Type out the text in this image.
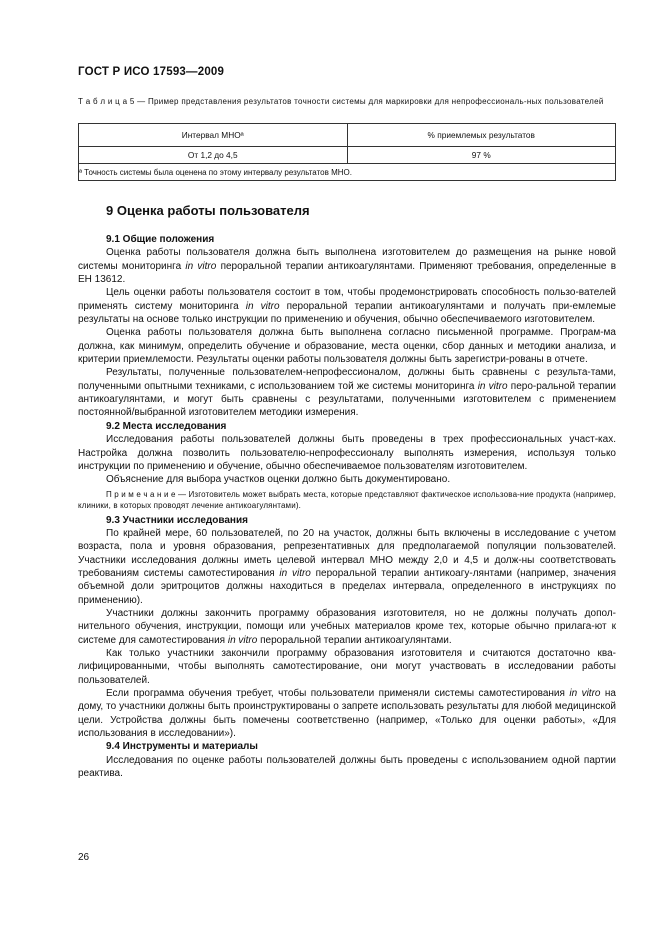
ГОСТ Р ИСО 17593—2009
Т а б л и ц а 5 — Пример представления результатов точности системы для маркировки для непрофессиональ-ных пользователей
Интервал МНОª	% приемлемых результатов
От 1,2 до 4,5	97 %
ª Точность системы была оценена по этому интервалу результатов МНО.	
9 Оценка работы пользователя

9.1 Общие положения

Оценка работы пользователя должна быть выполнена изготовителем до размещения на рынке новой системы мониторинга in vitro пероральной терапии антикоагулянтами. Применяют требования, определенные в ЕН 13612.

Цель оценки работы пользователя состоит в том, чтобы продемонстрировать способность пользо-вателей применять систему мониторинга in vitro пероральной терапии антикоагулянтами и получать при-емлемые результаты на основе только инструкции по применению и обучения, обычно обеспечиваемого изготовителем.

Оценка работы пользователя должна быть выполнена согласно письменной программе. Програм-ма должна, как минимум, определить обучение и образование, места оценки, сбор данных и методики анализа, и критерии приемлемости. Результаты оценки работы пользователя должны быть зарегистри-рованы в отчете.

Результаты, полученные пользователем-непрофессионалом, должны быть сравнены с результа-тами, полученными опытными техниками, с использованием той же системы мониторинга in vitro перо-ральной терапии антикоагулянтами, и могут быть сравнены с результатами, полученными изготовителем с применением постоянной/выбранной изготовителем методики измерения.

9.2 Места исследования

Исследования работы пользователей должны быть проведены в трех профессиональных участ-ках. Настройка должна позволить пользователю-непрофессионалу выполнять измерения, используя только инструкции по применению и обучение, обычно обеспечиваемое пользователям изготовителем.

Объяснение для выбора участков оценки должно быть документировано.

П р и м е ч а н и е — Изготовитель может выбрать места, которые представляют фактическое использова-ние продукта (например, клиники, в которых проводят лечение антикоагулянтами).

9.3 Участники исследования

По крайней мере, 60 пользователей, по 20 на участок, должны быть включены в исследование с учетом возраста, пола и уровня образования, репрезентативных для предполагаемой популяции пользователей. Участники исследования должны иметь целевой интервал МНО между 2,0 и 4,5 и долж-ны соответствовать требованиям системы самотестирования in vitro пероральной терапии антикоагу-лянтами (например, значения объемной доли эритроцитов должны находиться в пределах интервала, определенного в инструкциях по применению).

Участники должны закончить программу образования изготовителя, но не должны получать допол-нительного обучения, инструкции, помощи или учебных материалов кроме тех, которые обычно прилага-ют к системе для самотестирования in vitro пероральной терапии антикоагулянтами.

Как только участники закончили программу образования изготовителя и считаются достаточно ква-лифицированными, чтобы выполнять самотестирование, они могут участвовать в исследовании работы пользователей.

Если программа обучения требует, чтобы пользователи применяли системы самотестирования in vitro на дому, то участники должны быть проинструктированы о запрете использовать результаты для любой медицинской цели. Устройства должны быть помечены соответственно (например, «Только для оценки работы», «Для использования в исследовании»).

9.4 Инструменты и материалы

Исследования по оценке работы пользователей должны быть проведены с использованием одной партии реактива.

26
